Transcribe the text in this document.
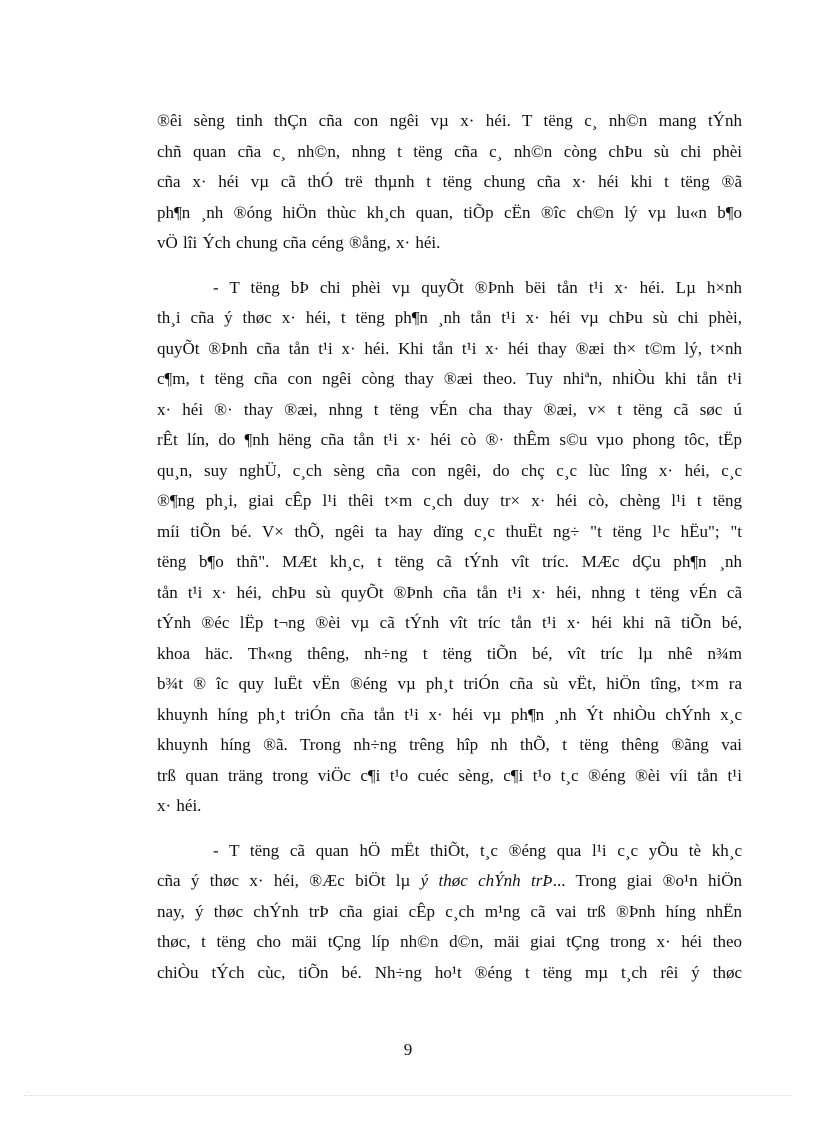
®êi sèng tinh thÇn cña con ngêi vµ x· héi. T tëng c¸ nh©n mang tÝnh
chñ quan cña c¸ nh©n, nhng t tëng cña c¸ nh©n còng chÞu sù chi phèi
cña x· héi vµ cã thÓ trë thµnh t tëng chung cña x· héi khi t tëng ®ã
ph¶n ¸nh ®óng hiÖn thùc kh¸ch quan, tiÕp cËn ®îc ch©n lý vµ lu«n b¶o
vÖ lîi Ých chung cña céng ®ång, x· héi.

- T tëng bÞ chi phèi vµ quyÕt ®Þnh bëi tån t¹i x· héi. Lµ h×nh
th¸i cña ý thøc x· héi, t tëng ph¶n ¸nh tån t¹i x· héi vµ chÞu sù chi phèi,
quyÕt ®Þnh cña tån t¹i x· héi. Khi tån t¹i x· héi thay ®æi th× t©m lý, t×nh
c¶m, t tëng cña con ngêi còng thay ®æi theo. Tuy nhiªn, nhiÒu khi tån t¹i
x· héi ®· thay ®æi, nhng t tëng vÉn cha thay ®æi, v× t tëng cã søc ú
rÊt lín, do ¶nh hëng cña tån t¹i x· héi cò ®· thÊm s©u vµo phong tôc, tËp
qu¸n, suy nghÜ, c¸ch sèng cña con ngêi, do chç c¸c lùc lîng x· héi, c¸c
®¶ng ph¸i, giai cÊp l¹i thêi t×m c¸ch duy tr× x· héi cò, chèng l¹i t tëng
míi tiÕn bé. V× thÕ, ngêi ta hay dïng c¸c thuËt ng÷ "t tëng l¹c hËu"; "t
tëng b¶o thñ". MÆt kh¸c, t tëng cã tÝnh vît tríc. MÆc dÇu ph¶n ¸nh
tån t¹i x· héi, chÞu sù quyÕt ®Þnh cña tån t¹i x· héi, nhng t tëng vÉn cã
tÝnh ®éc lËp t¬ng ®èi vµ cã tÝnh vît tríc tån t¹i x· héi khi nã tiÕn bé,
khoa häc. Th«ng thêng, nh÷ng t tëng tiÕn bé, vît tríc lµ nhê n¾m
b¾t ® îc quy luËt vËn ®éng vµ ph¸t triÓn cña sù vËt, hiÖn tîng, t×m ra
khuynh híng ph¸t triÓn cña tån t¹i x· héi vµ ph¶n ¸nh Ýt nhiÒu chÝnh x¸c
khuynh híng ®ã. Trong nh÷ng trêng hîp nh thÕ, t tëng thêng ®ãng vai
trß quan träng trong viÖc c¶i t¹o cuéc sèng, c¶i t¹o t¸c ®éng ®èi víi tån t¹i
x· héi.

- T tëng cã quan hÖ mËt thiÕt, t¸c ®éng qua l¹i c¸c yÕu tè kh¸c
cña ý thøc x· héi, ®Æc biÖt lµ ý thøc chÝnh trÞ... Trong giai ®o¹n hiÖn
nay, ý thøc chÝnh trÞ cña giai cÊp c¸ch m¹ng cã vai trß ®Þnh híng nhËn
thøc, t tëng cho mäi tÇng líp nh©n d©n, mäi giai tÇng trong x· héi theo
chiÒu tÝch cùc, tiÕn bé. Nh÷ng ho¹t ®éng t tëng mµ t¸ch rêi ý thøc

9
